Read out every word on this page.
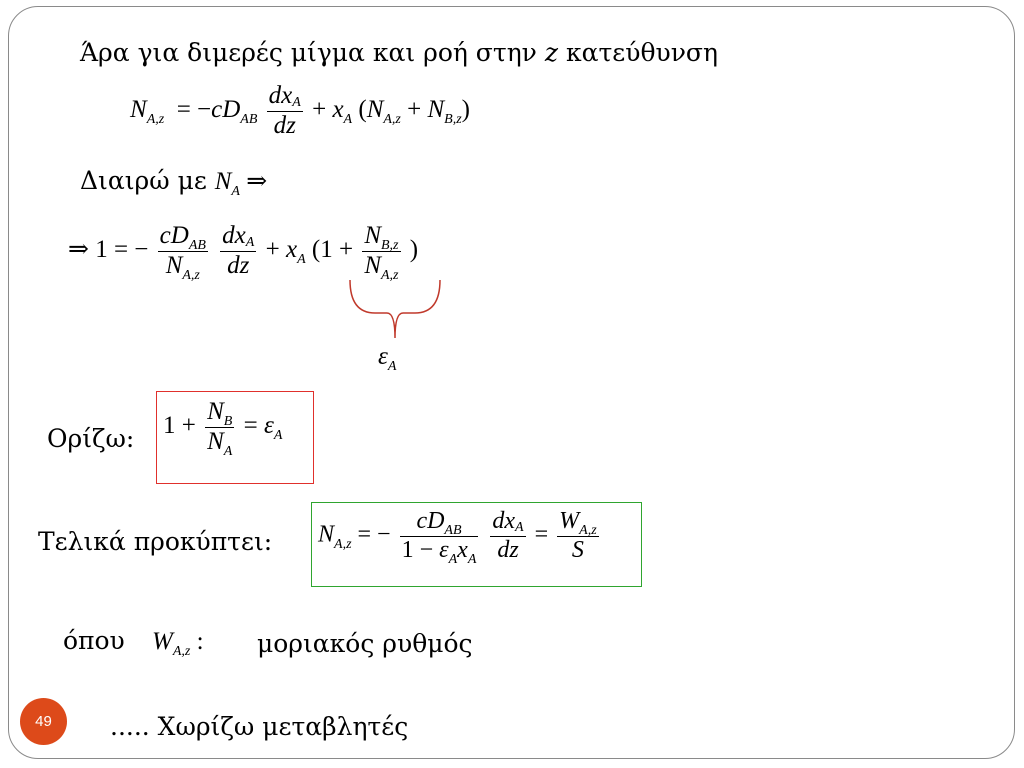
Άρα για διμερές μίγμα και ροή στην z κατεύθυνση
$N_{A,z} = -cD_{AB} \frac{\text{dxA}}{dz} + x_A$ $(N_{A,z} + N_{B,z})$
Διαιρώ με $N_A$ ⇒
⇒ 1 = − $\frac{cD_{AB}}{N_{A,z}}$
$\frac{\text{dxA}}{dz} + x_A$ ($1 + \frac{N_{B,z}}{N_{A,z}}$ )
$\varepsilon_A$
Ορίζω: $1 + \frac{N_B}{N_A} = \varepsilon_A$
Τελικά προκύπτει: $N_{A,z}$ = − $\frac{cD_{AB}}{1 - \varepsilon_Ax_A}$
$\frac{\text{dxA}}{dz} = \frac{W_{A,z}}{S}$
όπου $W_{A,z}$ : μοριακός ρυθμός
..... Χωρίζω μεταβλητές
49
